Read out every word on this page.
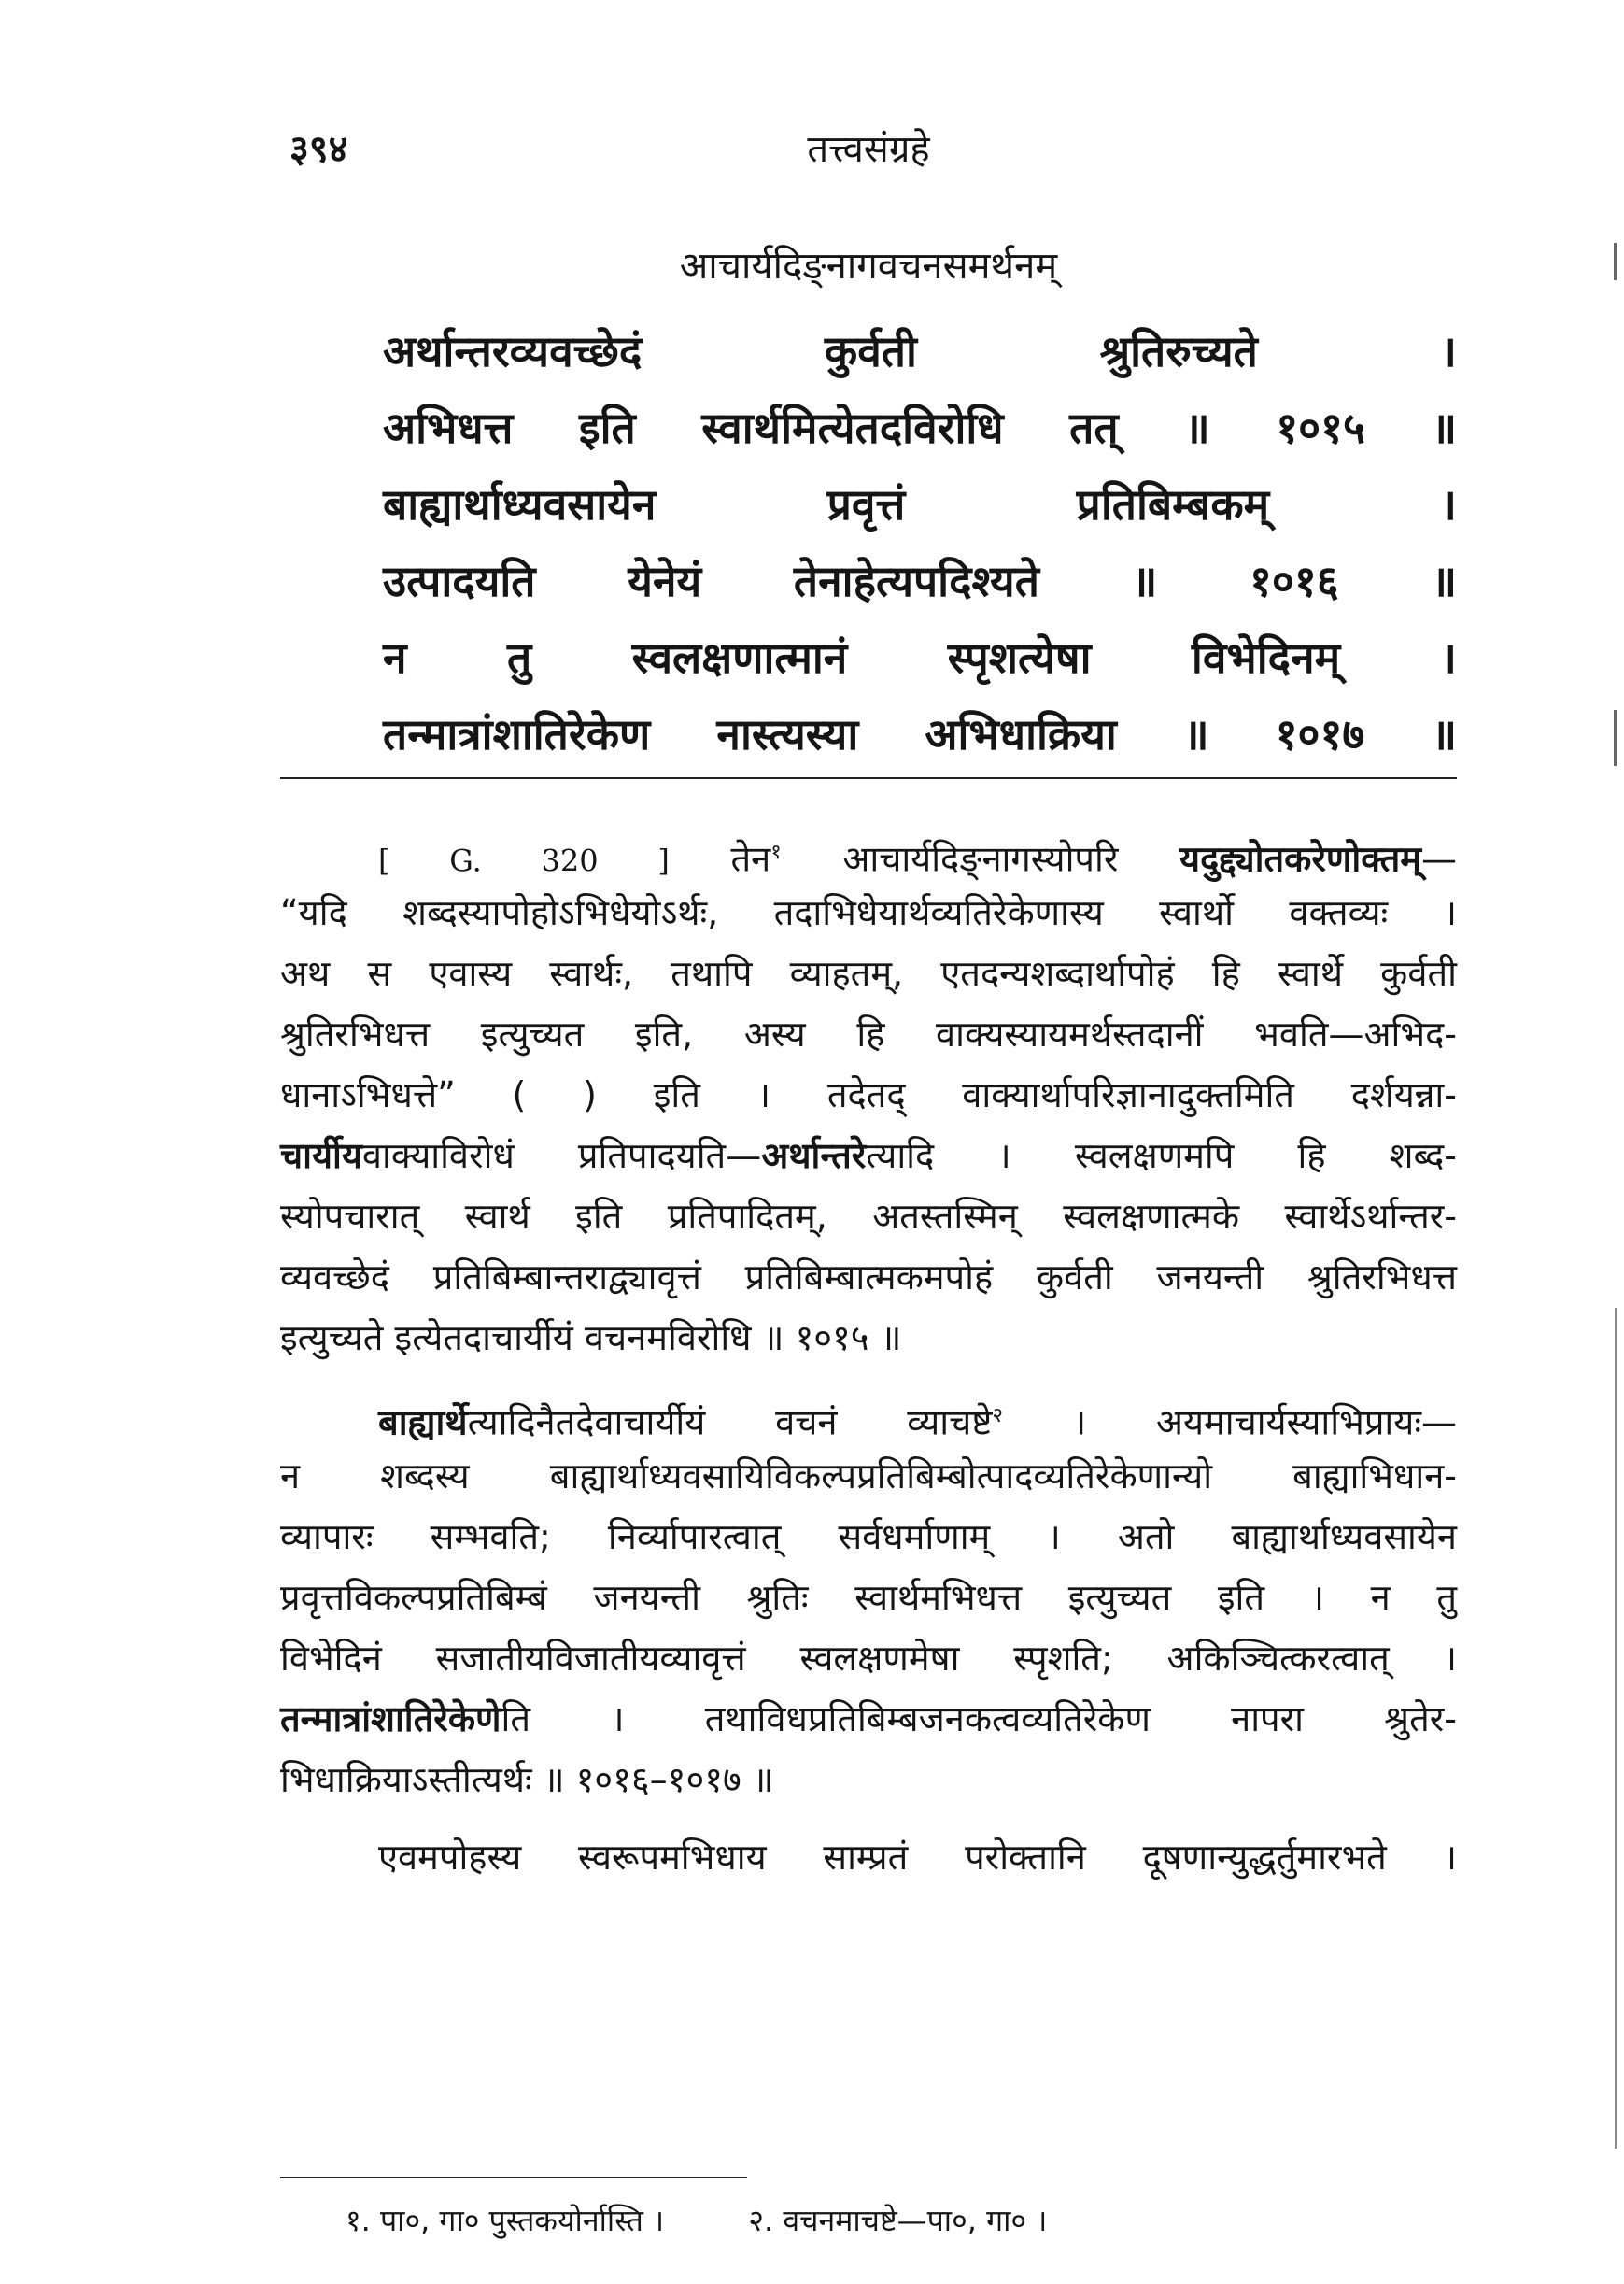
३९४	तत्त्वसंग्रहे
आचार्यदिङ्नागवचनसमर्थनम्
अर्थान्तरव्यवच्छेदं कुर्वती श्रुतिरुच्यते ।
अभिधत्त इति स्वार्थमित्येतदविरोधि तत् ॥ १०१५ ॥
बाह्यार्थाध्यवसायेन प्रवृत्तं प्रतिबिम्बकम् ।
उत्पादयति येनेयं तेनाहेत्यपदिश्यते ॥ १०१६ ॥
न तु स्वलक्षणात्मानं स्पृशत्येषा विभेदिनम् ।
तन्मात्रांशातिरेकेण नास्त्यस्या अभिधाक्रिया ॥ १०१७ ॥
[ G. 320 ] तेन$^१$ आचार्यदिङ्नागस्योपरि यदुद्द्योतकरेणोक्तम्—
“यदि शब्दस्यापोहोऽभिधेयोऽर्थः, तदाभिधेयार्थव्यतिरेकेणास्य स्वार्थो वक्तव्यः ।
अथ स एवास्य स्वार्थः, तथापि व्याहतम्, एतदन्यशब्दार्थापोहं हि स्वार्थे कुर्वती
श्रुतिरभिधत्त इत्युच्यत इति, अस्य हि वाक्यस्यायमर्थस्तदानीं भवति—अभिद-
धानाऽभिधत्ते” ( ) इति । तदेतद् वाक्यार्थापरिज्ञानादुक्तमिति दर्शयन्ना-
चार्यीयवाक्याविरोधं प्रतिपादयति—अर्थान्तरेत्यादि । स्वलक्षणमपि हि शब्द-
स्योपचारात् स्वार्थ इति प्रतिपादितम्, अतस्तस्मिन् स्वलक्षणात्मके स्वार्थेऽर्थान्तर-
व्यवच्छेदं प्रतिबिम्बान्तराद्व्यावृत्तं प्रतिबिम्बात्मकमपोहं कुर्वती जनयन्ती श्रुतिरभिधत्त
इत्युच्यते इत्येतदाचार्यीयं वचनमविरोधि ॥ १०१५ ॥
बाह्यार्थेत्यादिनैतदेवाचार्यीयं वचनं व्याचष्टे$^२$ । अयमाचार्यस्याभिप्रायः—
न शब्दस्य बाह्यार्थाध्यवसायिविकल्पप्रतिबिम्बोत्पादव्यतिरेकेणान्यो बाह्याभिधान-
व्यापारः सम्भवति; निर्व्यापारत्वात् सर्वधर्माणाम् । अतो बाह्यार्थाध्यवसायेन
प्रवृत्तविकल्पप्रतिबिम्बं जनयन्ती श्रुतिः स्वार्थमभिधत्त इत्युच्यत इति । न तु
विभेदिनं सजातीयविजातीयव्यावृत्तं स्वलक्षणमेषा स्पृशति; अकिञ्चित्करत्वात् ।
तन्मात्रांशातिरेकेणेति । तथाविधप्रतिबिम्बजनकत्वव्यतिरेकेण नापरा श्रुतेर-
भिधाक्रियाऽस्तीत्यर्थः ॥ १०१६–१०१७ ॥
एवमपोहस्य स्वरूपमभिधाय साम्प्रतं परोक्तानि दूषणान्युद्धर्तुमारभते ।
१. पा०, गा० पुस्तकयोर्नास्ति ।	२. वचनमाचष्टे—पा०, गा० ।
